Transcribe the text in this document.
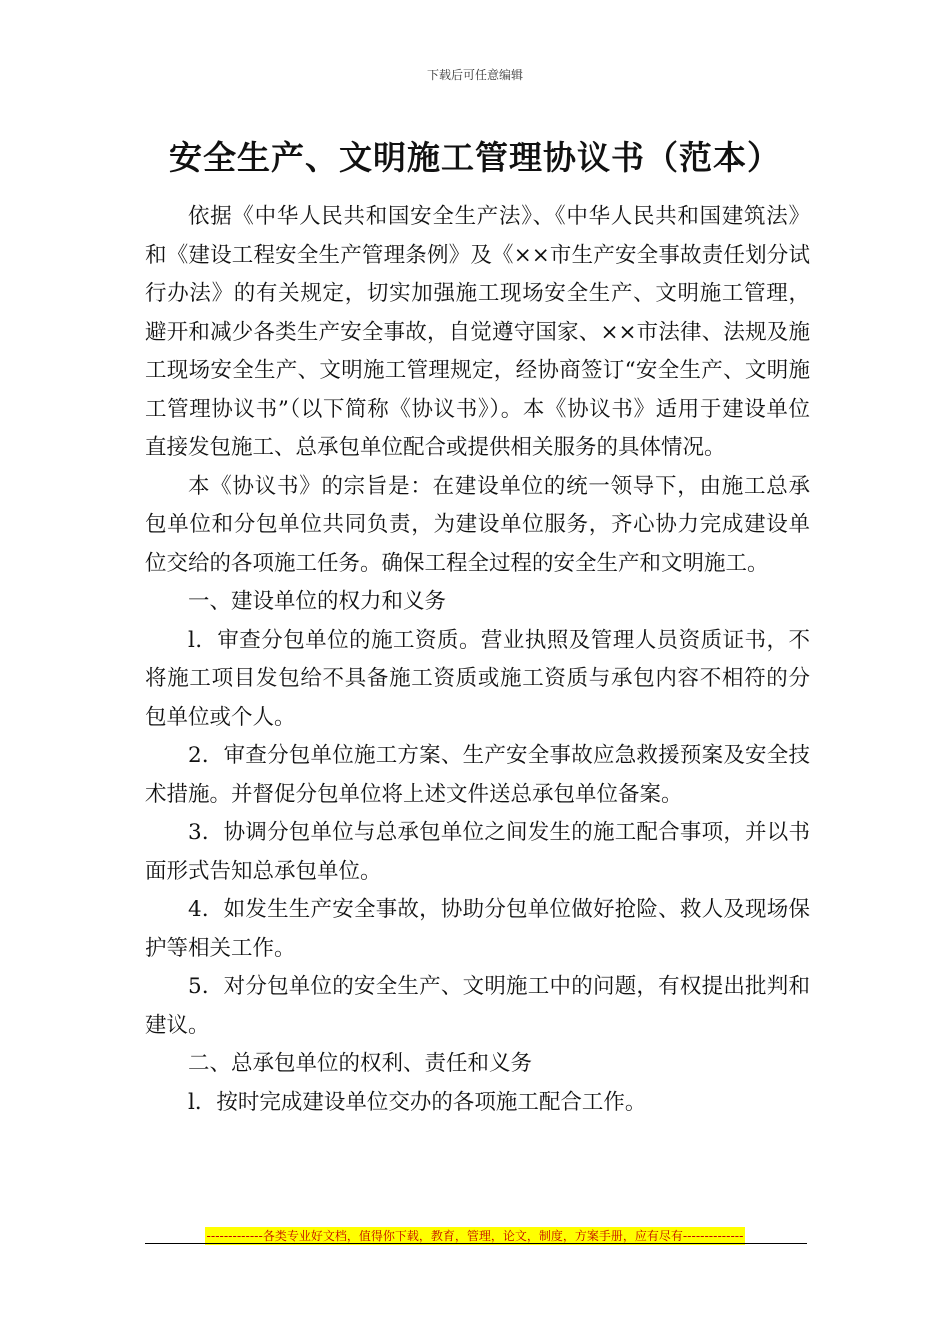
下载后可任意编辑
安全生产、文明施工管理协议书（范本）

依据《中华人民共和国安全生产法》、《中华人民共和国建筑法》和《建设工程安全生产管理条例》及《××市生产安全事故责任划分试行办法》的有关规定，切实加强施工现场安全生产、文明施工管理，避开和减少各类生产安全事故，自觉遵守国家、××市法律、法规及施工现场安全生产、文明施工管理规定，经协商签订“安全生产、文明施工管理协议书”（以下简称《协议书》）。本《协议书》适用于建设单位直接发包施工、总承包单位配合或提供相关服务的具体情况。

本《协议书》的宗旨是：在建设单位的统一领导下，由施工总承包单位和分包单位共同负责，为建设单位服务，齐心协力完成建设单位交给的各项施工任务。确保工程全过程的安全生产和文明施工。

一、建设单位的权力和义务

l．审查分包单位的施工资质。营业执照及管理人员资质证书，不将施工项目发包给不具备施工资质或施工资质与承包内容不相符的分包单位或个人。

2．审查分包单位施工方案、生产安全事故应急救援预案及安全技术措施。并督促分包单位将上述文件送总承包单位备案。

3．协调分包单位与总承包单位之间发生的施工配合事项，并以书面形式告知总承包单位。

4．如发生生产安全事故，协助分包单位做好抢险、救人及现场保护等相关工作。

5．对分包单位的安全生产、文明施工中的问题，有权提出批判和建议。

二、总承包单位的权利、责任和义务

l．按时完成建设单位交办的各项施工配合工作。

-------------各类专业好文档，值得你下载，教育，管理，论文，制度，方案手册，应有尽有--------------
